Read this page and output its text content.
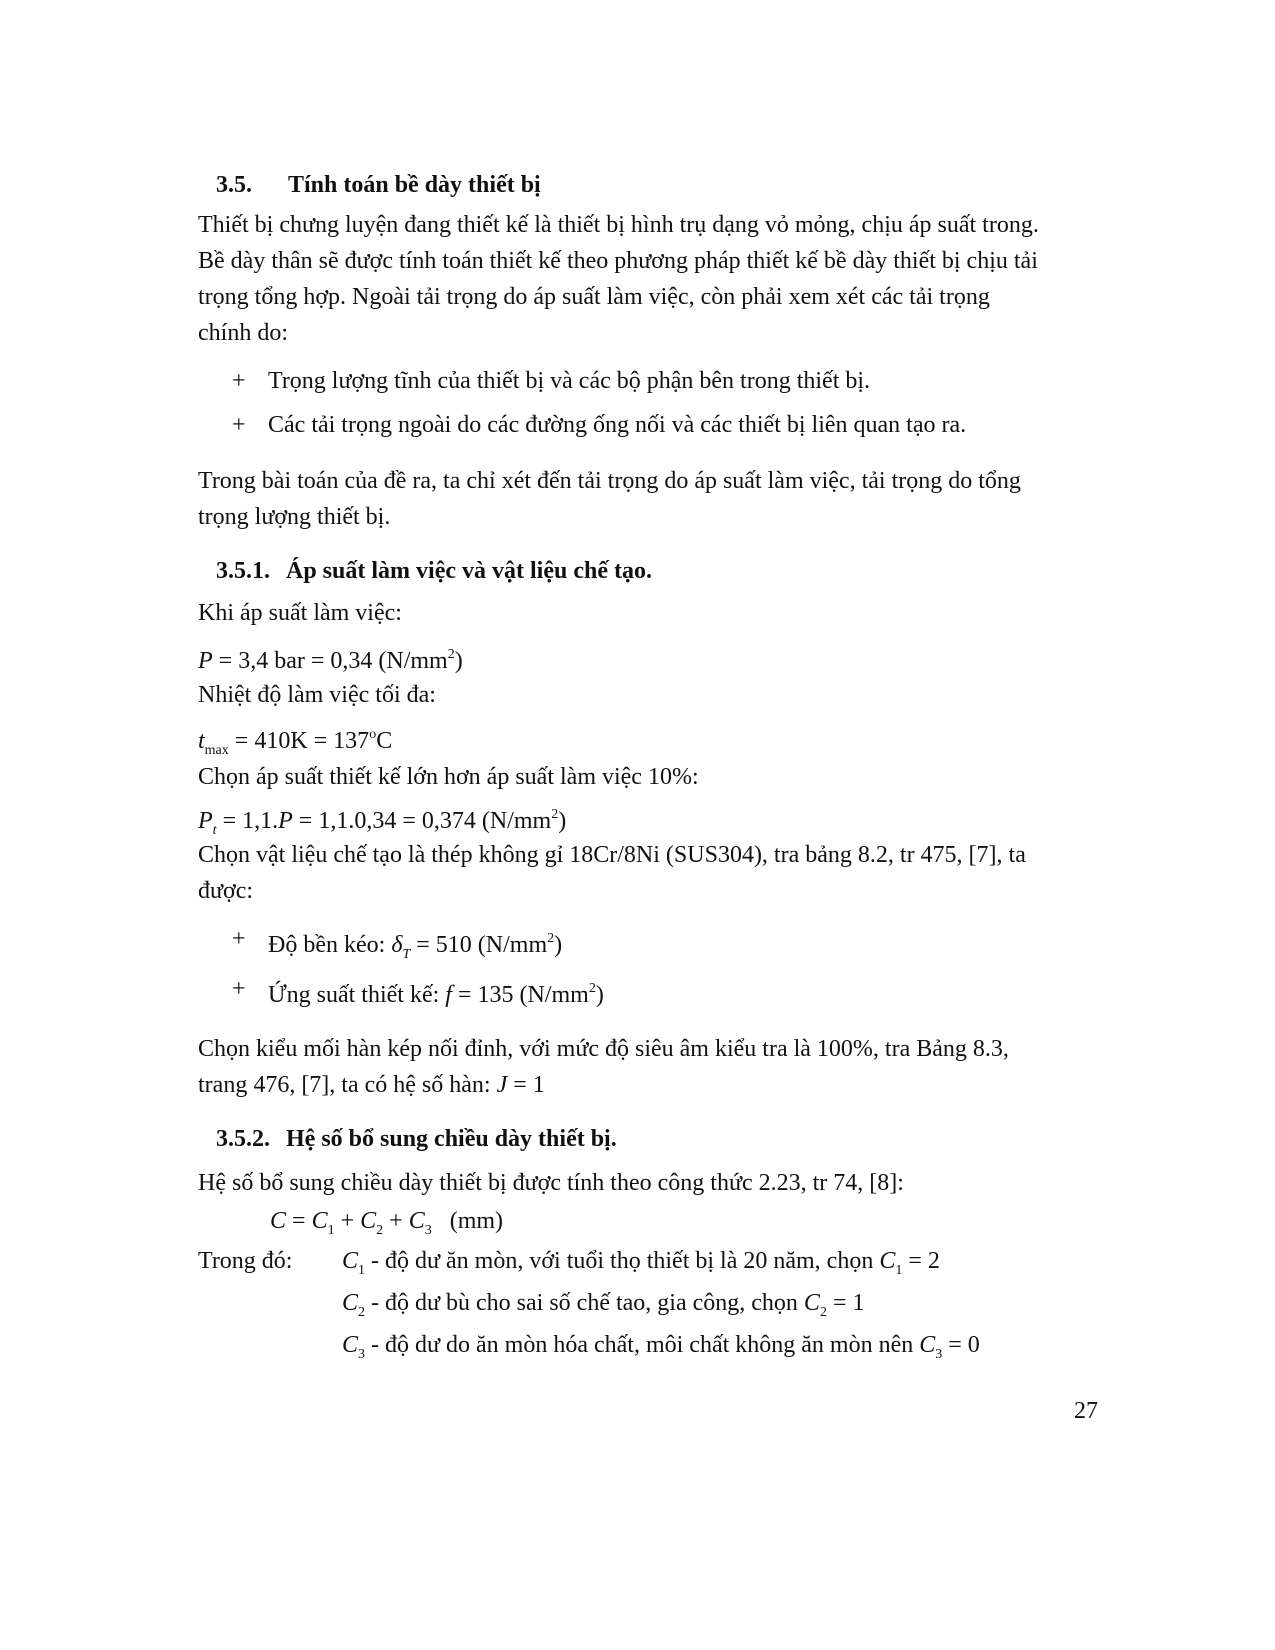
3.5. Tính toán bề dày thiết bị
Thiết bị chưng luyện đang thiết kế là thiết bị hình trụ dạng vỏ mỏng, chịu áp suất trong.
Bề dày thân sẽ được tính toán thiết kế theo phương pháp thiết kế bề dày thiết bị chịu tải
trọng tổng hợp. Ngoài tải trọng do áp suất làm việc, còn phải xem xét các tải trọng
chính do:
+ Trọng lượng tĩnh của thiết bị và các bộ phận bên trong thiết bị.
+ Các tải trọng ngoài do các đường ống nối và các thiết bị liên quan tạo ra.
Trong bài toán của đề ra, ta chỉ xét đến tải trọng do áp suất làm việc, tải trọng do tổng
trọng lượng thiết bị.
3.5.1. Áp suất làm việc và vật liệu chế tạo.
Khi áp suất làm việc:
P = 3,4 bar = 0,34 $(N/mm^2)$
Nhiệt độ làm việc tối đa:
$t_{max} = 410K = 137^oC$
Chọn áp suất thiết kế lớn hơn áp suất làm việc 10%:
$P_t = 1,1.P = 1,1.0,34 = 0,374$ $(N/mm^2)$
Chọn vật liệu chế tạo là thép không gỉ 18Cr/8Ni (SUS304), tra bảng 8.2, tr 475, [7], ta
được:
+ Độ bền kéo: $\delta_T = 510$ $(N/mm^2)$
+ Ứng suất thiết kế: f = 135 $(N/mm^2)$
Chọn kiểu mối hàn kép nối đỉnh, với mức độ siêu âm kiểu tra là 100%, tra Bảng 8.3,
trang 476, [7], ta có hệ số hàn: J = 1
3.5.2. Hệ số bổ sung chiều dày thiết bị.
Hệ số bổ sung chiều dày thiết bị được tính theo công thức 2.23, tr 74, [8]:
$C = C_1 + C_2 + C_3$   (mm)
Trong đó: $C_1$ - độ dư ăn mòn, với tuổi thọ thiết bị là 20 năm, chọn $C_1 = 2$
$C_2$ - độ dư bù cho sai số chế tao, gia công, chọn $C_2 = 1$
$C_3$ - độ dư do ăn mòn hóa chất, môi chất không ăn mòn nên $C_3 = 0$
27
